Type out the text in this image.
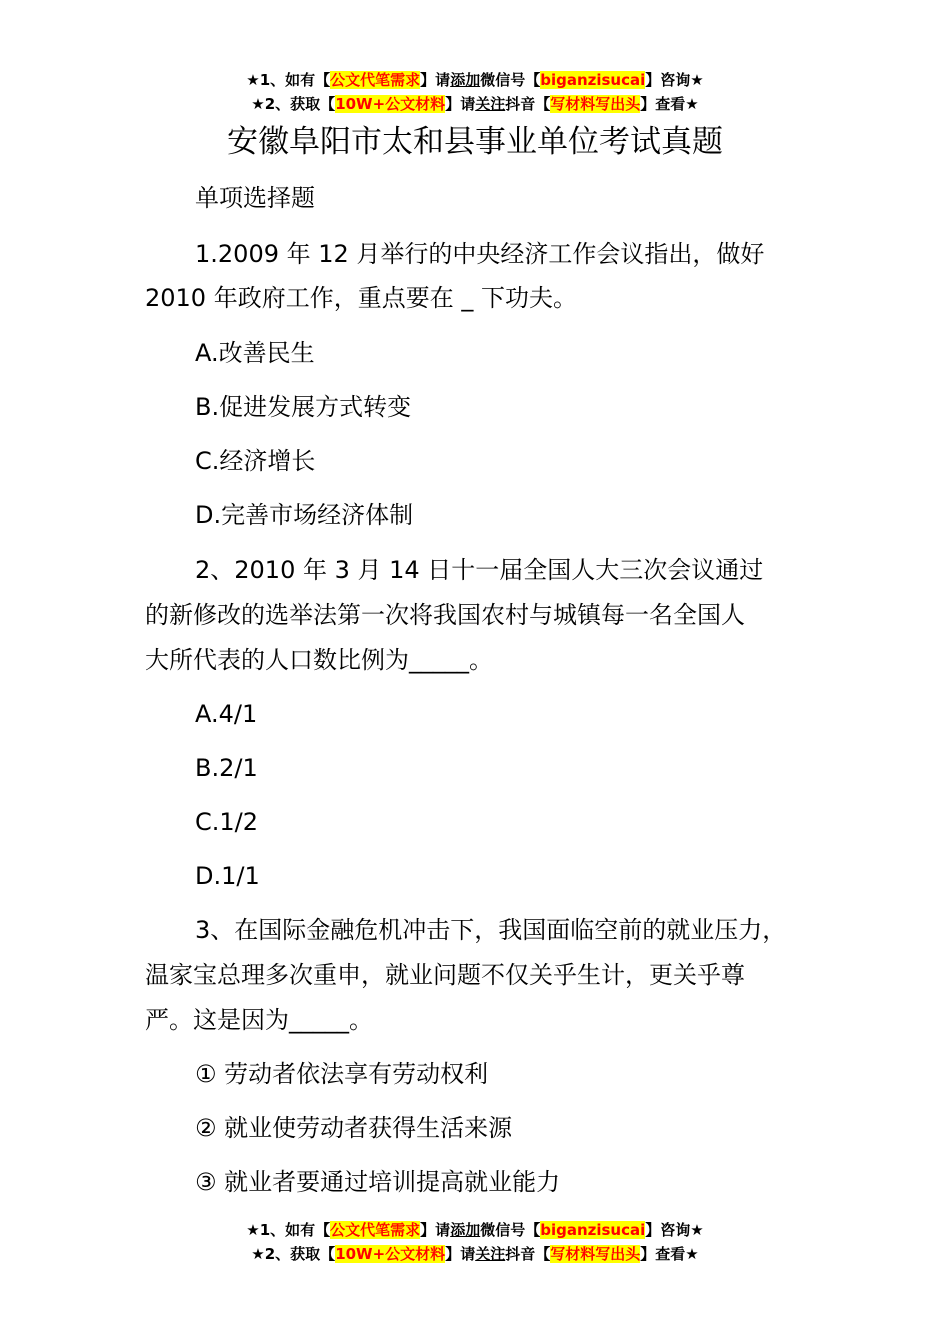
★1、如有【公文代笔需求】请添加微信号【biganzisucai】咨询★
★2、获取【10W+公文材料】请关注抖音【写材料写出头】查看★
安徽阜阳市太和县事业单位考试真题

单项选择题

1.2009 年 12 月举行的中央经济工作会议指出，做好

2010 年政府工作，重点要在 _ 下功夫。

A.改善民生

B.促进发展方式转变

C.经济增长

D.完善市场经济体制

2、2010 年 3 月 14 日十一届全国人大三次会议通过

的新修改的选举法第一次将我国农村与城镇每一名全国人

大所代表的人口数比例为_____。

A.4/1

B.2/1

C.1/2

D.1/1

3、在国际金融危机冲击下，我国面临空前的就业压力，

温家宝总理多次重申，就业问题不仅关乎生计，更关乎尊

严。这是因为_____。

① 劳动者依法享有劳动权利

② 就业使劳动者获得生活来源

③ 就业者要通过培训提高就业能力

★1、如有【公文代笔需求】请添加微信号【biganzisucai】咨询★
★2、获取【10W+公文材料】请关注抖音【写材料写出头】查看★
